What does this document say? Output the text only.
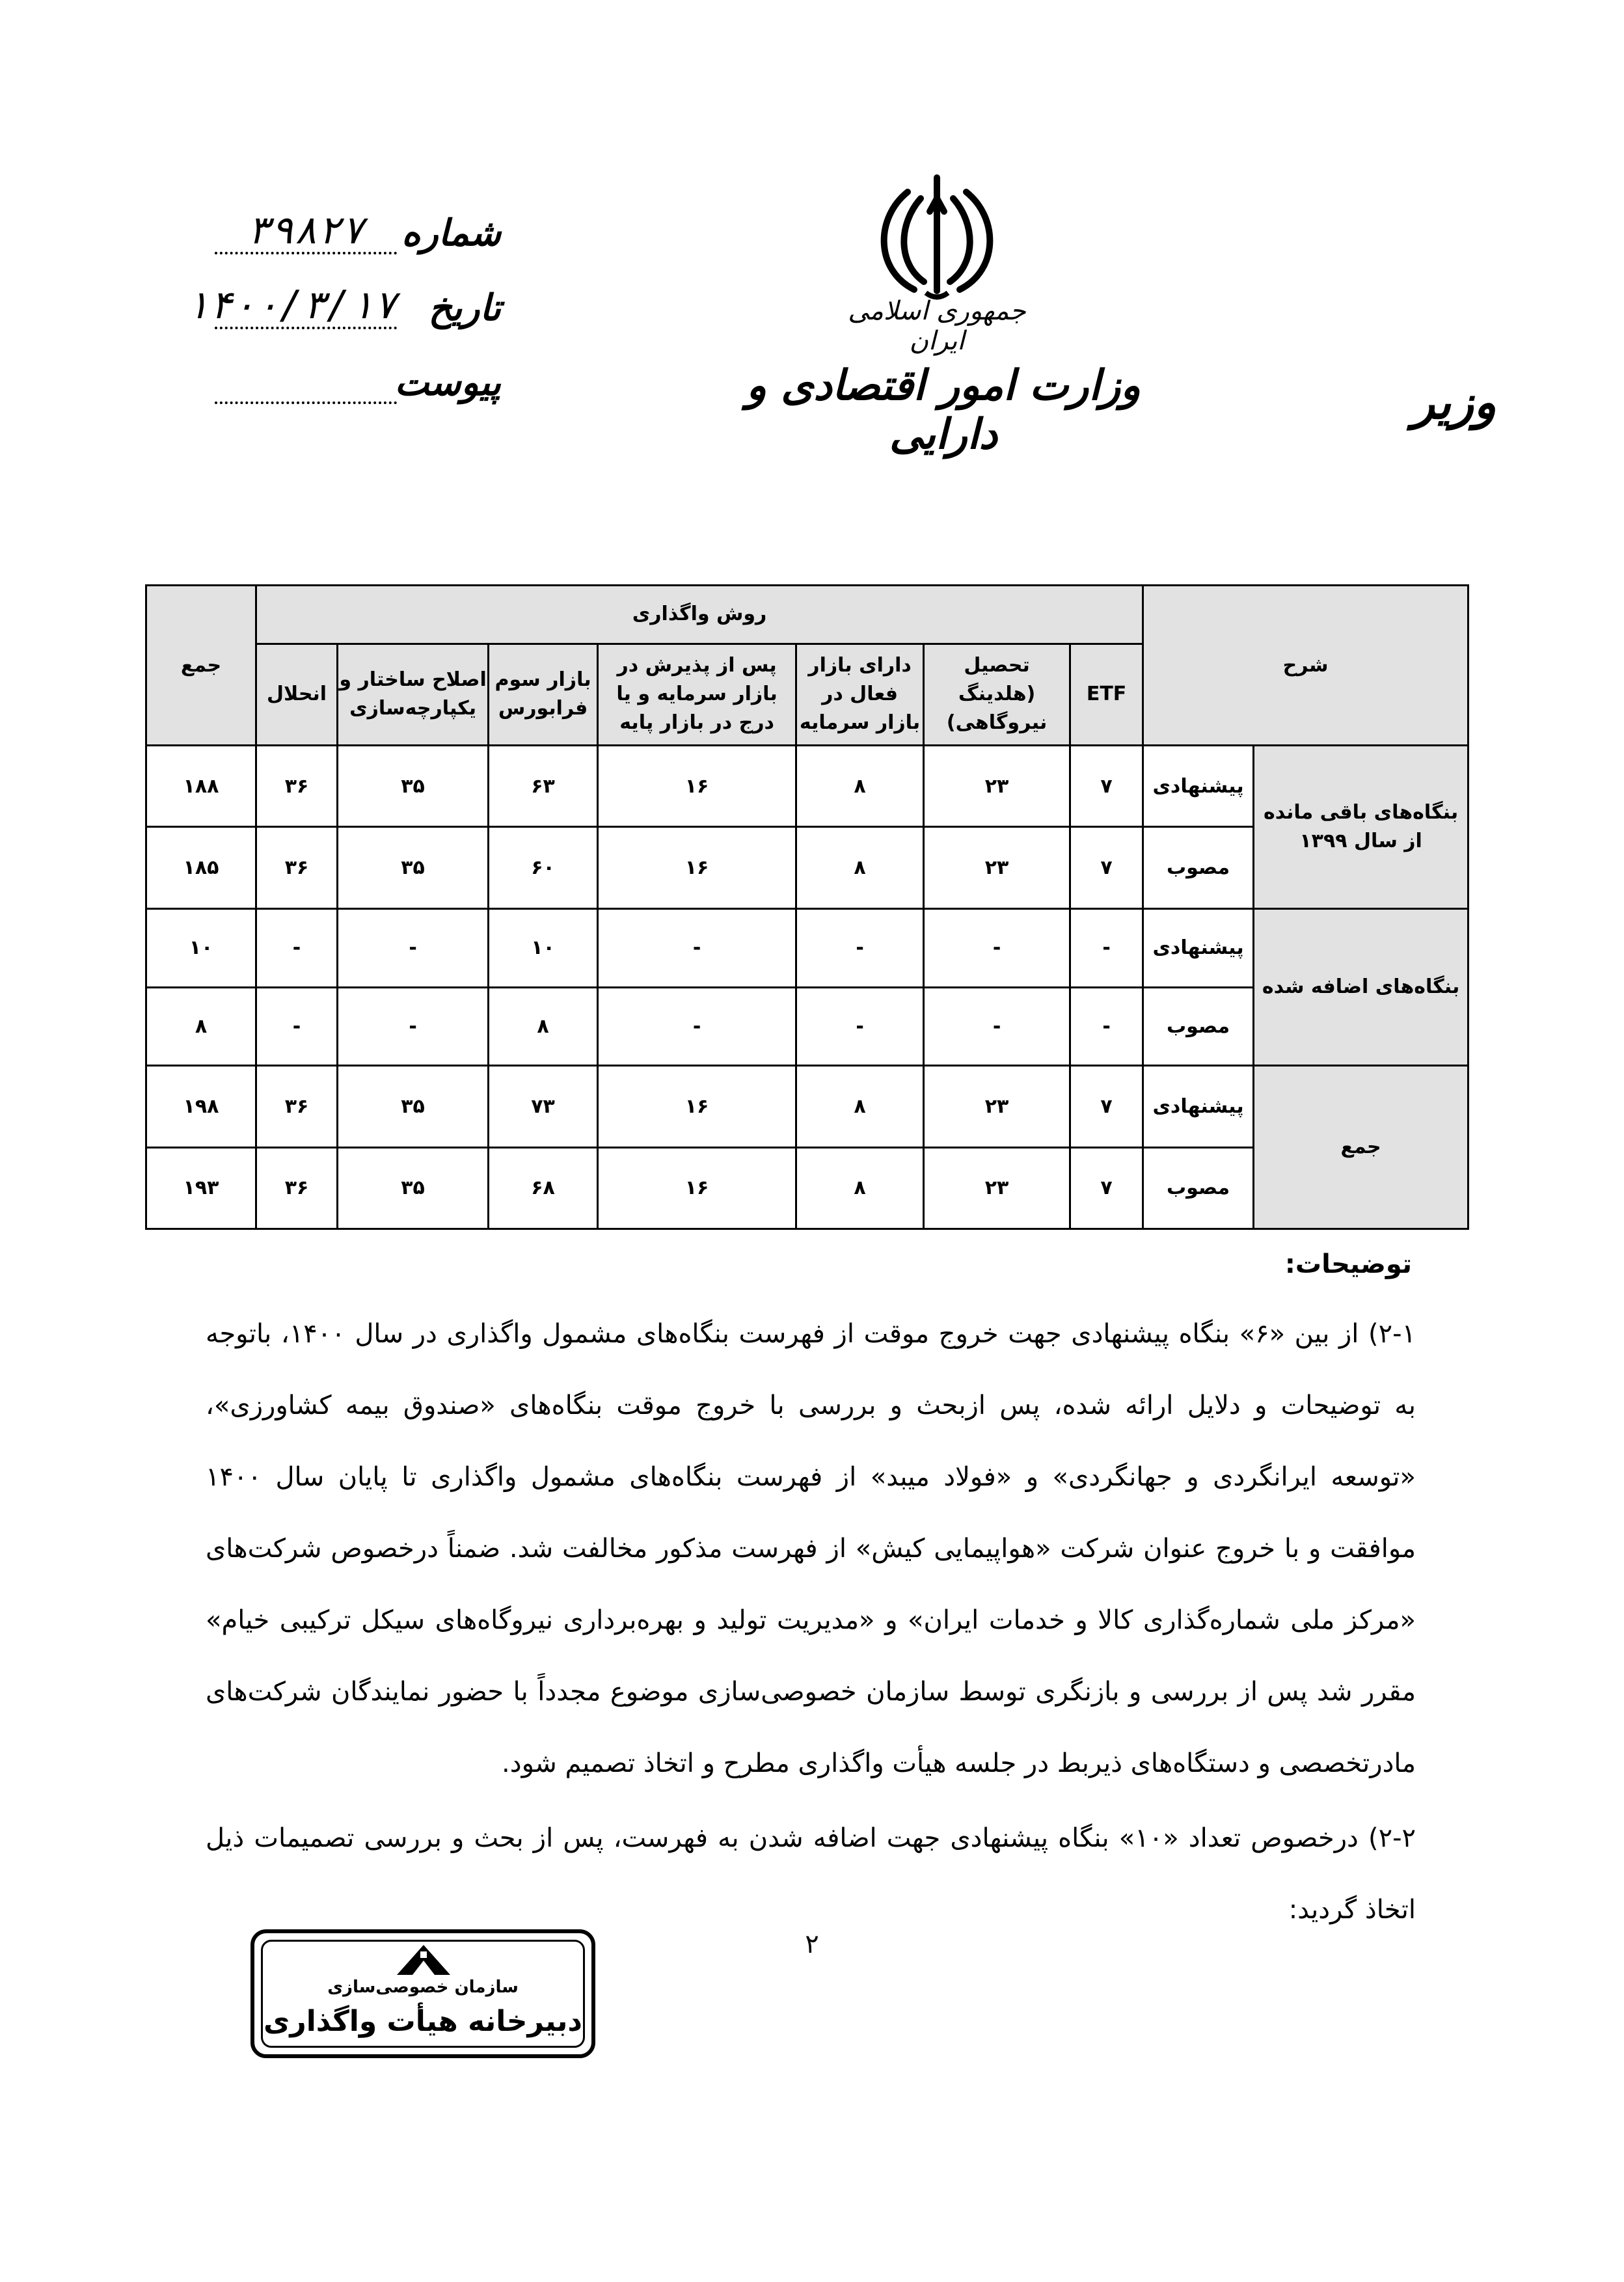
جمهوری اسلامی ایران
وزارت امور اقتصادی و دارایی
وزیر
شماره
۳۹۸۲۷
تاریخ
۱۴۰۰/۳/۱۷
پیوست
شرح		روش واگذاری							جمع
		ETF	تحصیل (هلدینگ نیروگاهی)	دارای بازار فعال در بازار سرمایه	پس از پذیرش در بازار سرمایه و یا درج در بازار پایه	بازار سوم فرابورس	اصلاح ساختار و یکپارچه‌سازی	انحلال	
بنگاه‌های باقی مانده از سال ۱۳۹۹	پیشنهادی	۷	۲۳	۸	۱۶	۶۳	۳۵	۳۶	۱۸۸
	مصوب	۷	۲۳	۸	۱۶	۶۰	۳۵	۳۶	۱۸۵
بنگاه‌های اضافه شده	پیشنهادی	-	-	-	-	۱۰	-	-	۱۰
	مصوب	-	-	-	-	۸	-	-	۸
جمع	پیشنهادی	۷	۲۳	۸	۱۶	۷۳	۳۵	۳۶	۱۹۸
	مصوب	۷	۲۳	۸	۱۶	۶۸	۳۵	۳۶	۱۹۳
توضیحات:
۲-۱) از بین «۶» بنگاه پیشنهادی جهت خروج موقت از فهرست بنگاه‌های مشمول واگذاری در سال ۱۴۰۰، باتوجه به توضیحات و دلایل ارائه شده، پس ازبحث و بررسی با خروج موقت بنگاه‌های «صندوق بیمه کشاورزی»، «توسعه ایرانگردی و جهانگردی» و «فولاد میبد» از فهرست بنگاه‌های مشمول واگذاری تا پایان سال ۱۴۰۰ موافقت و با خروج عنوان شرکت «هواپیمایی کیش» از فهرست مذکور مخالفت شد. ضمناً درخصوص شرکت‌های «مرکز ملی شماره‌گذاری کالا و خدمات ایران» و «مدیریت تولید و بهره‌برداری نیروگاه‌های سیکل ترکیبی خیام» مقرر شد پس از بررسی و بازنگری توسط سازمان خصوصی‌سازی موضوع مجدداً با حضور نمایندگان شرکت‌های مادرتخصصی و دستگاه‌های ذیربط در جلسه هیأت واگذاری مطرح و اتخاذ تصمیم شود.
۲-۲) درخصوص تعداد «۱۰» بنگاه پیشنهادی جهت اضافه شدن به فهرست، پس از بحث و بررسی تصمیمات ذیل اتخاذ گردید:
۲
سازمان خصوصی‌سازی
دبیرخانه هیأت واگذاری
